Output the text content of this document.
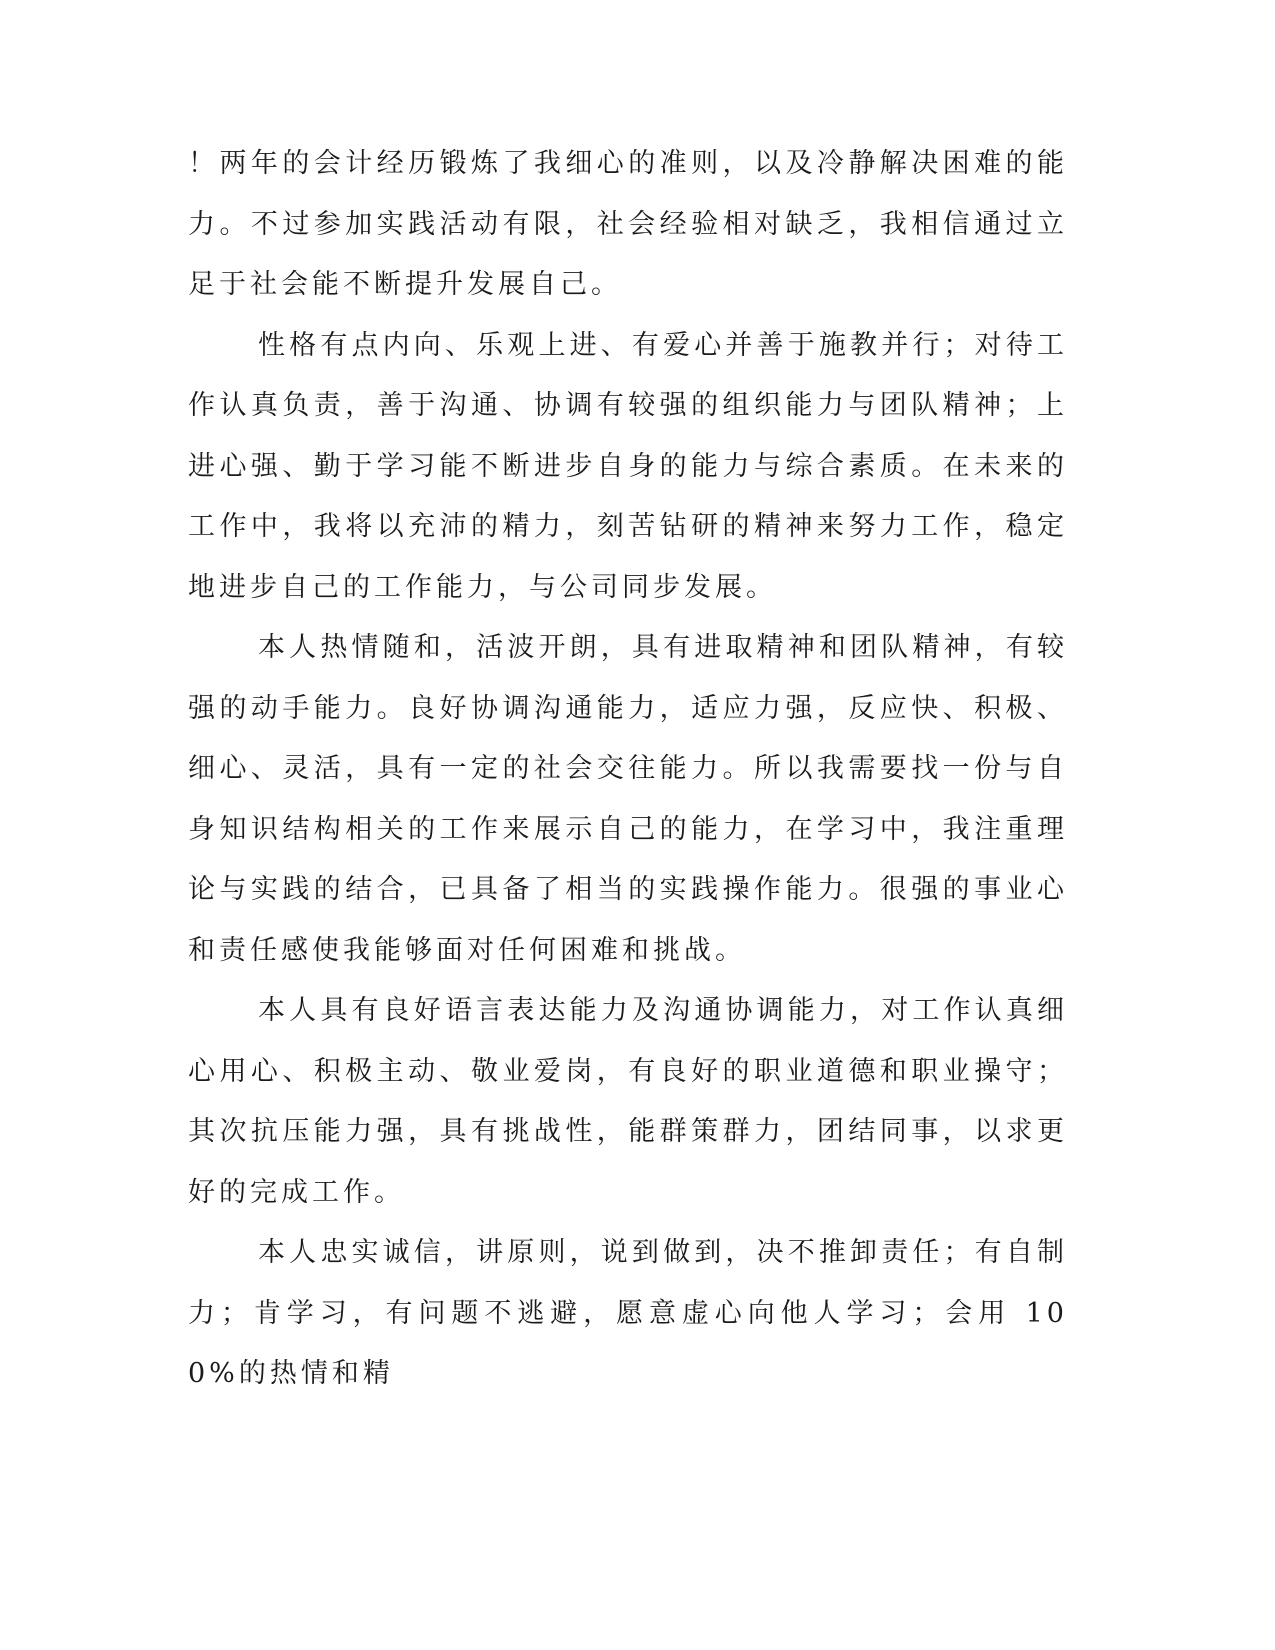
！两年的会计经历锻炼了我细心的准则，以及冷静解决困难的能力。不过参加实践活动有限，社会经验相对缺乏，我相信通过立足于社会能不断提升发展自己。

性格有点内向、乐观上进、有爱心并善于施教并行；对待工作认真负责，善于沟通、协调有较强的组织能力与团队精神；上进心强、勤于学习能不断进步自身的能力与综合素质。在未来的工作中，我将以充沛的精力，刻苦钻研的精神来努力工作，稳定地进步自己的工作能力，与公司同步发展。

本人热情随和，活波开朗，具有进取精神和团队精神，有较强的动手能力。良好协调沟通能力，适应力强，反应快、积极、细心、灵活，具有一定的社会交往能力。所以我需要找一份与自身知识结构相关的工作来展示自己的能力，在学习中，我注重理论与实践的结合，已具备了相当的实践操作能力。很强的事业心和责任感使我能够面对任何困难和挑战。

本人具有良好语言表达能力及沟通协调能力，对工作认真细心用心、积极主动、敬业爱岗，有良好的职业道德和职业操守；其次抗压能力强，具有挑战性，能群策群力，团结同事，以求更好的完成工作。

本人忠实诚信，讲原则，说到做到，决不推卸责任；有自制力；肯学习，有问题不逃避，愿意虚心向他人学习；会用 100%的热情和精
